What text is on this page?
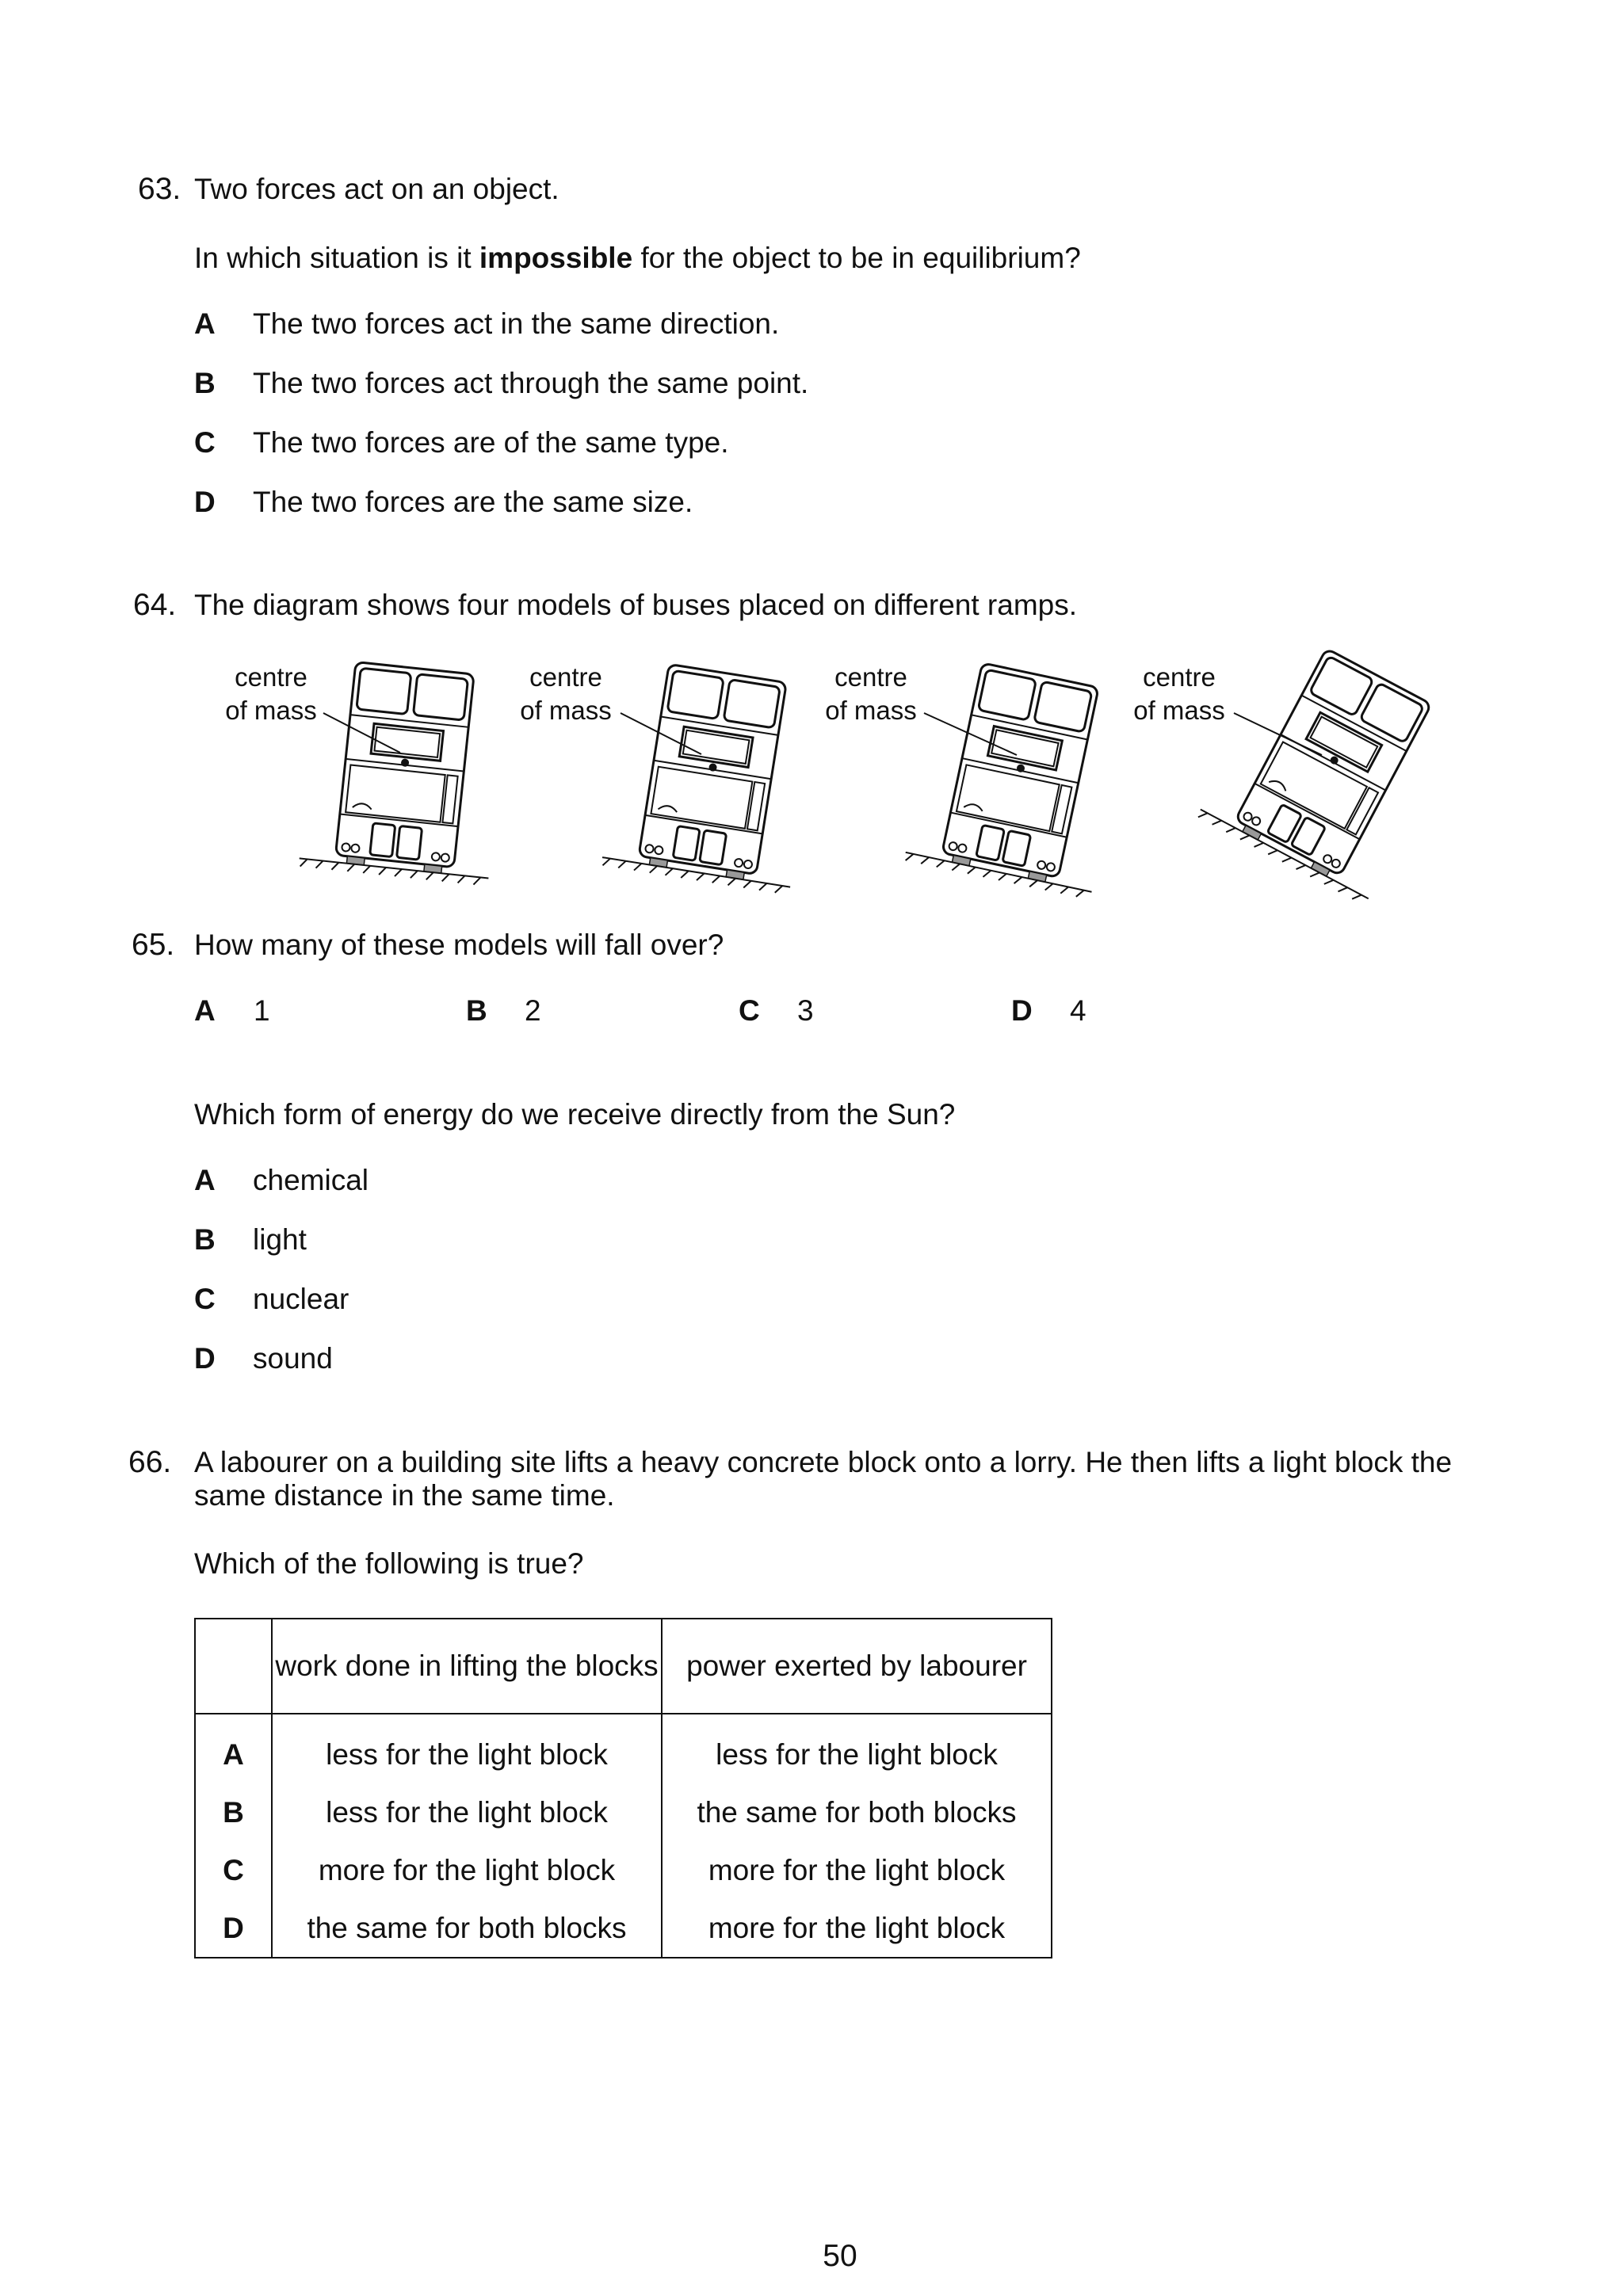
63. Two forces act on an object.
In which situation is it impossible for the object to be in equilibrium?
A The two forces act in the same direction.
B The two forces act through the same point.
C The two forces are of the same type.
D The two forces are the same size.
64. The diagram shows four models of buses placed on different ramps.
centre
of mass
centre
of mass
centre
of mass
centre
of mass
65. How many of these models will fall over?
A 1	B 2	C 3	D 4
Which form of energy do we receive directly from the Sun?
A chemical
B light
C nuclear
D sound
66. A labourer on a building site lifts a heavy concrete block onto a lorry. He then lifts a light block the
same distance in the same time.
Which of the following is true?
	work done in lifting the blocks	power exerted by labourer
A	less for the light block	less for the light block
B	less for the light block	the same for both blocks
C	more for the light block	more for the light block
D	the same for both blocks	more for the light block
50
